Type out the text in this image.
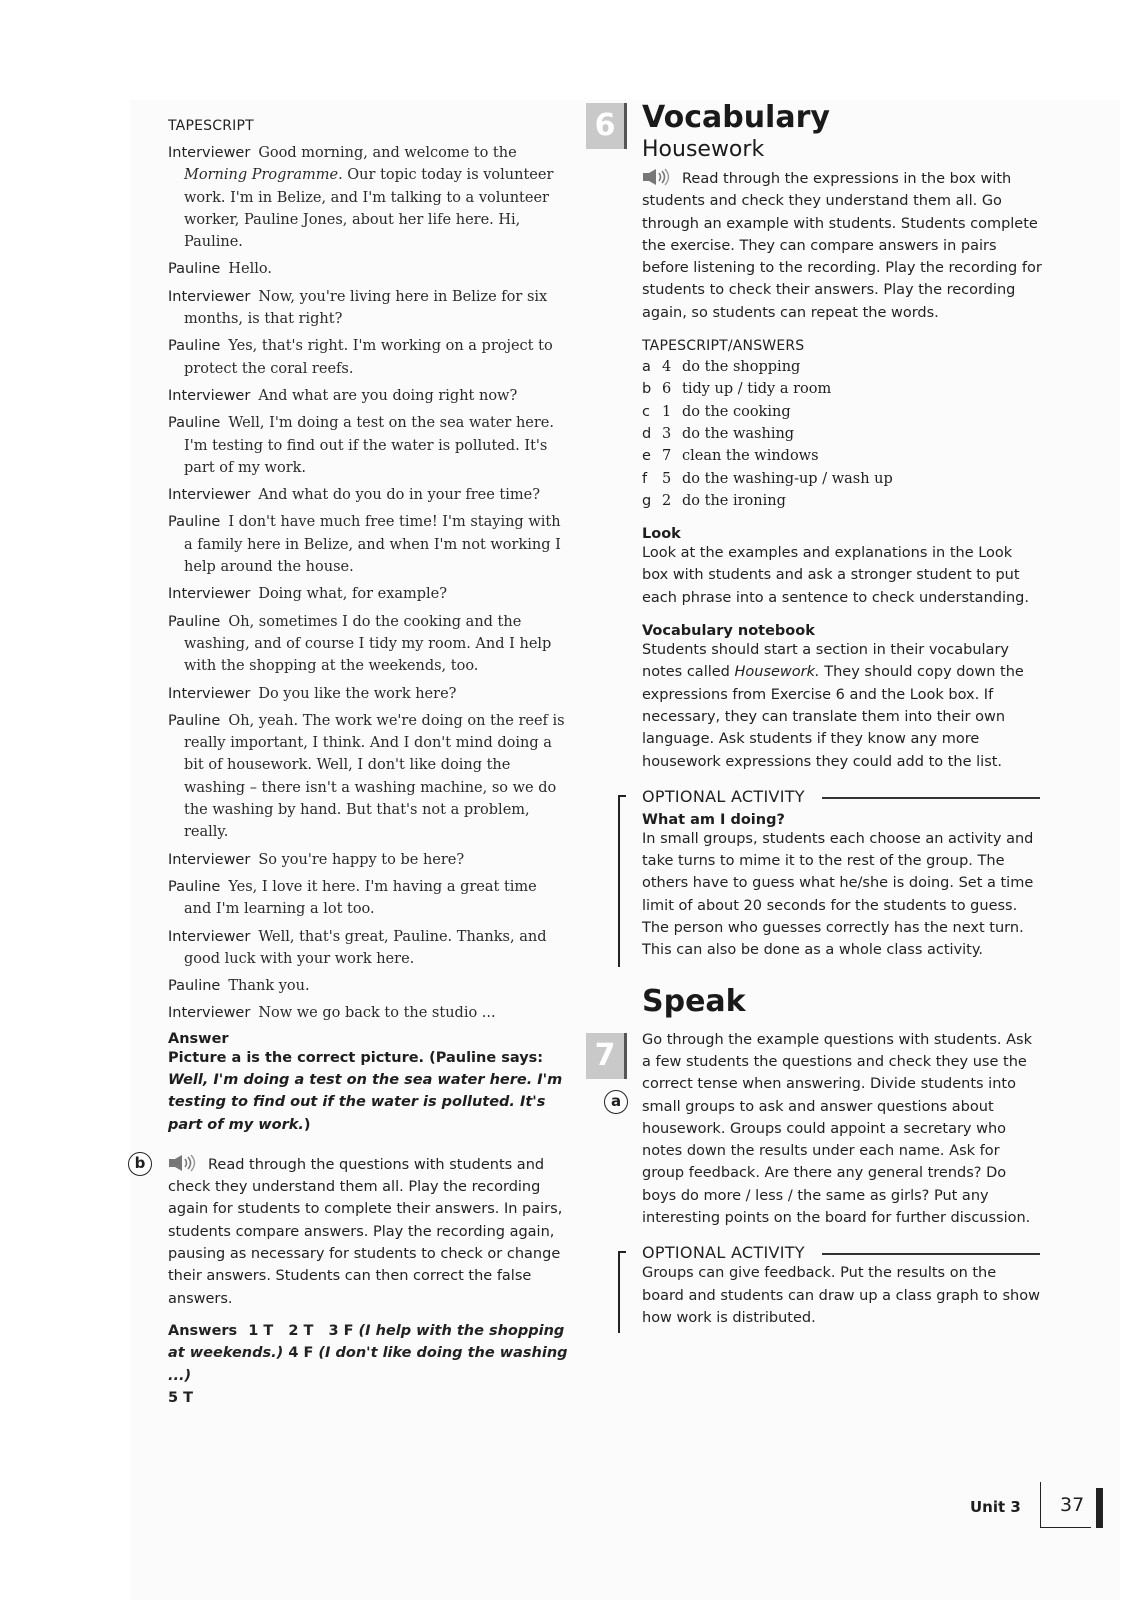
TAPESCRIPT
Interviewer Good morning, and welcome to the Morning Programme. Our topic today is volunteer work. I'm in Belize, and I'm talking to a volunteer worker, Pauline Jones, about her life here. Hi, Pauline.
Pauline Hello.
Interviewer Now, you're living here in Belize for six months, is that right?
Pauline Yes, that's right. I'm working on a project to protect the coral reefs.
Interviewer And what are you doing right now?
Pauline Well, I'm doing a test on the sea water here. I'm testing to find out if the water is polluted. It's part of my work.
Interviewer And what do you do in your free time?
Pauline I don't have much free time! I'm staying with a family here in Belize, and when I'm not working I help around the house.
Interviewer Doing what, for example?
Pauline Oh, sometimes I do the cooking and the washing, and of course I tidy my room. And I help with the shopping at the weekends, too.
Interviewer Do you like the work here?
Pauline Oh, yeah. The work we're doing on the reef is really important, I think. And I don't mind doing a bit of housework. Well, I don't like doing the washing – there isn't a washing machine, so we do the washing by hand. But that's not a problem, really.
Interviewer So you're happy to be here?
Pauline Yes, I love it here. I'm having a great time and I'm learning a lot too.
Interviewer Well, that's great, Pauline. Thanks, and good luck with your work here.
Pauline Thank you.
Interviewer Now we go back to the studio ...
Answer
Picture a is the correct picture. (Pauline says: Well, I'm doing a test on the sea water here. I'm testing to find out if the water is polluted. It's part of my work.)
b	Read through the questions with students and check they understand them all. Play the recording again for students to complete their answers. In pairs, students compare answers. Play the recording again, pausing as necessary for students to check or change their answers. Students can then correct the false answers.
Answers 1 T 2 T 3 F (I help with the shopping at weekends.) 4 F (I don't like doing the washing ...)
5 T
6
7
a
Vocabulary
Housework
Read through the expressions in the box with students and check they understand them all. Go through an example with students. Students complete the exercise. They can compare answers in pairs before listening to the recording. Play the recording for students to check their answers. Play the recording again, so students can repeat the words.
TAPESCRIPT/ANSWERS
a 4 do the shopping
b 6 tidy up / tidy a room
c 1 do the cooking
d 3 do the washing
e 7 clean the windows
f 5 do the washing-up / wash up
g 2 do the ironing
Look
Look at the examples and explanations in the Look box with students and ask a stronger student to put each phrase into a sentence to check understanding.
Vocabulary notebook
Students should start a section in their vocabulary notes called Housework. They should copy down the expressions from Exercise 6 and the Look box. If necessary, they can translate them into their own language. Ask students if they know any more housework expressions they could add to the list.
OPTIONAL ACTIVITY
What am I doing?
In small groups, students each choose an activity and take turns to mime it to the rest of the group. The others have to guess what he/she is doing. Set a time limit of about 20 seconds for the students to guess. The person who guesses correctly has the next turn. This can also be done as a whole class activity.
Speak
Go through the example questions with students. Ask a few students the questions and check they use the correct tense when answering. Divide students into small groups to ask and answer questions about housework. Groups could appoint a secretary who notes down the results under each name. Ask for group feedback. Are there any general trends? Do boys do more / less / the same as girls? Put any interesting points on the board for further discussion.
OPTIONAL ACTIVITY
Groups can give feedback. Put the results on the board and students can draw up a class graph to show how work is distributed.
Unit 3 37
